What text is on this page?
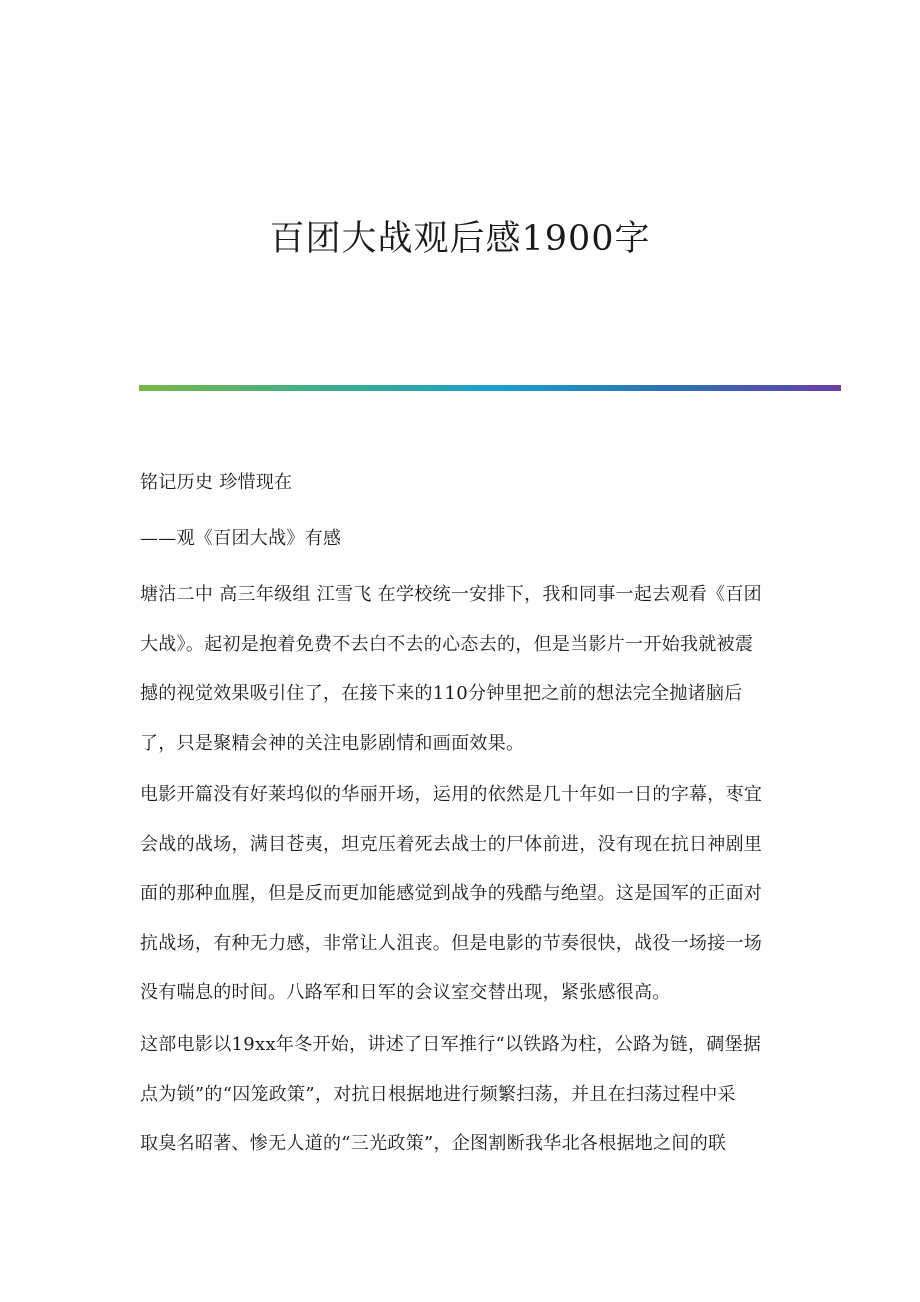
百团大战观后感1900字

铭记历史 珍惜现在

——观《百团大战》有感

塘沽二中 高三年级组 江雪飞 在学校统一安排下，我和同事一起去观看《百团
大战》。起初是抱着免费不去白不去的心态去的，但是当影片一开始我就被震
撼的视觉效果吸引住了，在接下来的110分钟里把之前的想法完全抛诸脑后
了，只是聚精会神的关注电影剧情和画面效果。
电影开篇没有好莱坞似的华丽开场，运用的依然是几十年如一日的字幕，枣宜
会战的战场，满目苍夷，坦克压着死去战士的尸体前进，没有现在抗日神剧里
面的那种血腥，但是反而更加能感觉到战争的残酷与绝望。这是国军的正面对
抗战场，有种无力感，非常让人沮丧。但是电影的节奏很快，战役一场接一场
没有喘息的时间。八路军和日军的会议室交替出现，紧张感很高。
这部电影以19xx年冬开始，讲述了日军推行“以铁路为柱，公路为链，碉堡据
点为锁”的“囚笼政策”，对抗日根据地进行频繁扫荡，并且在扫荡过程中采
取臭名昭著、惨无人道的“三光政策”，企图割断我华北各根据地之间的联
